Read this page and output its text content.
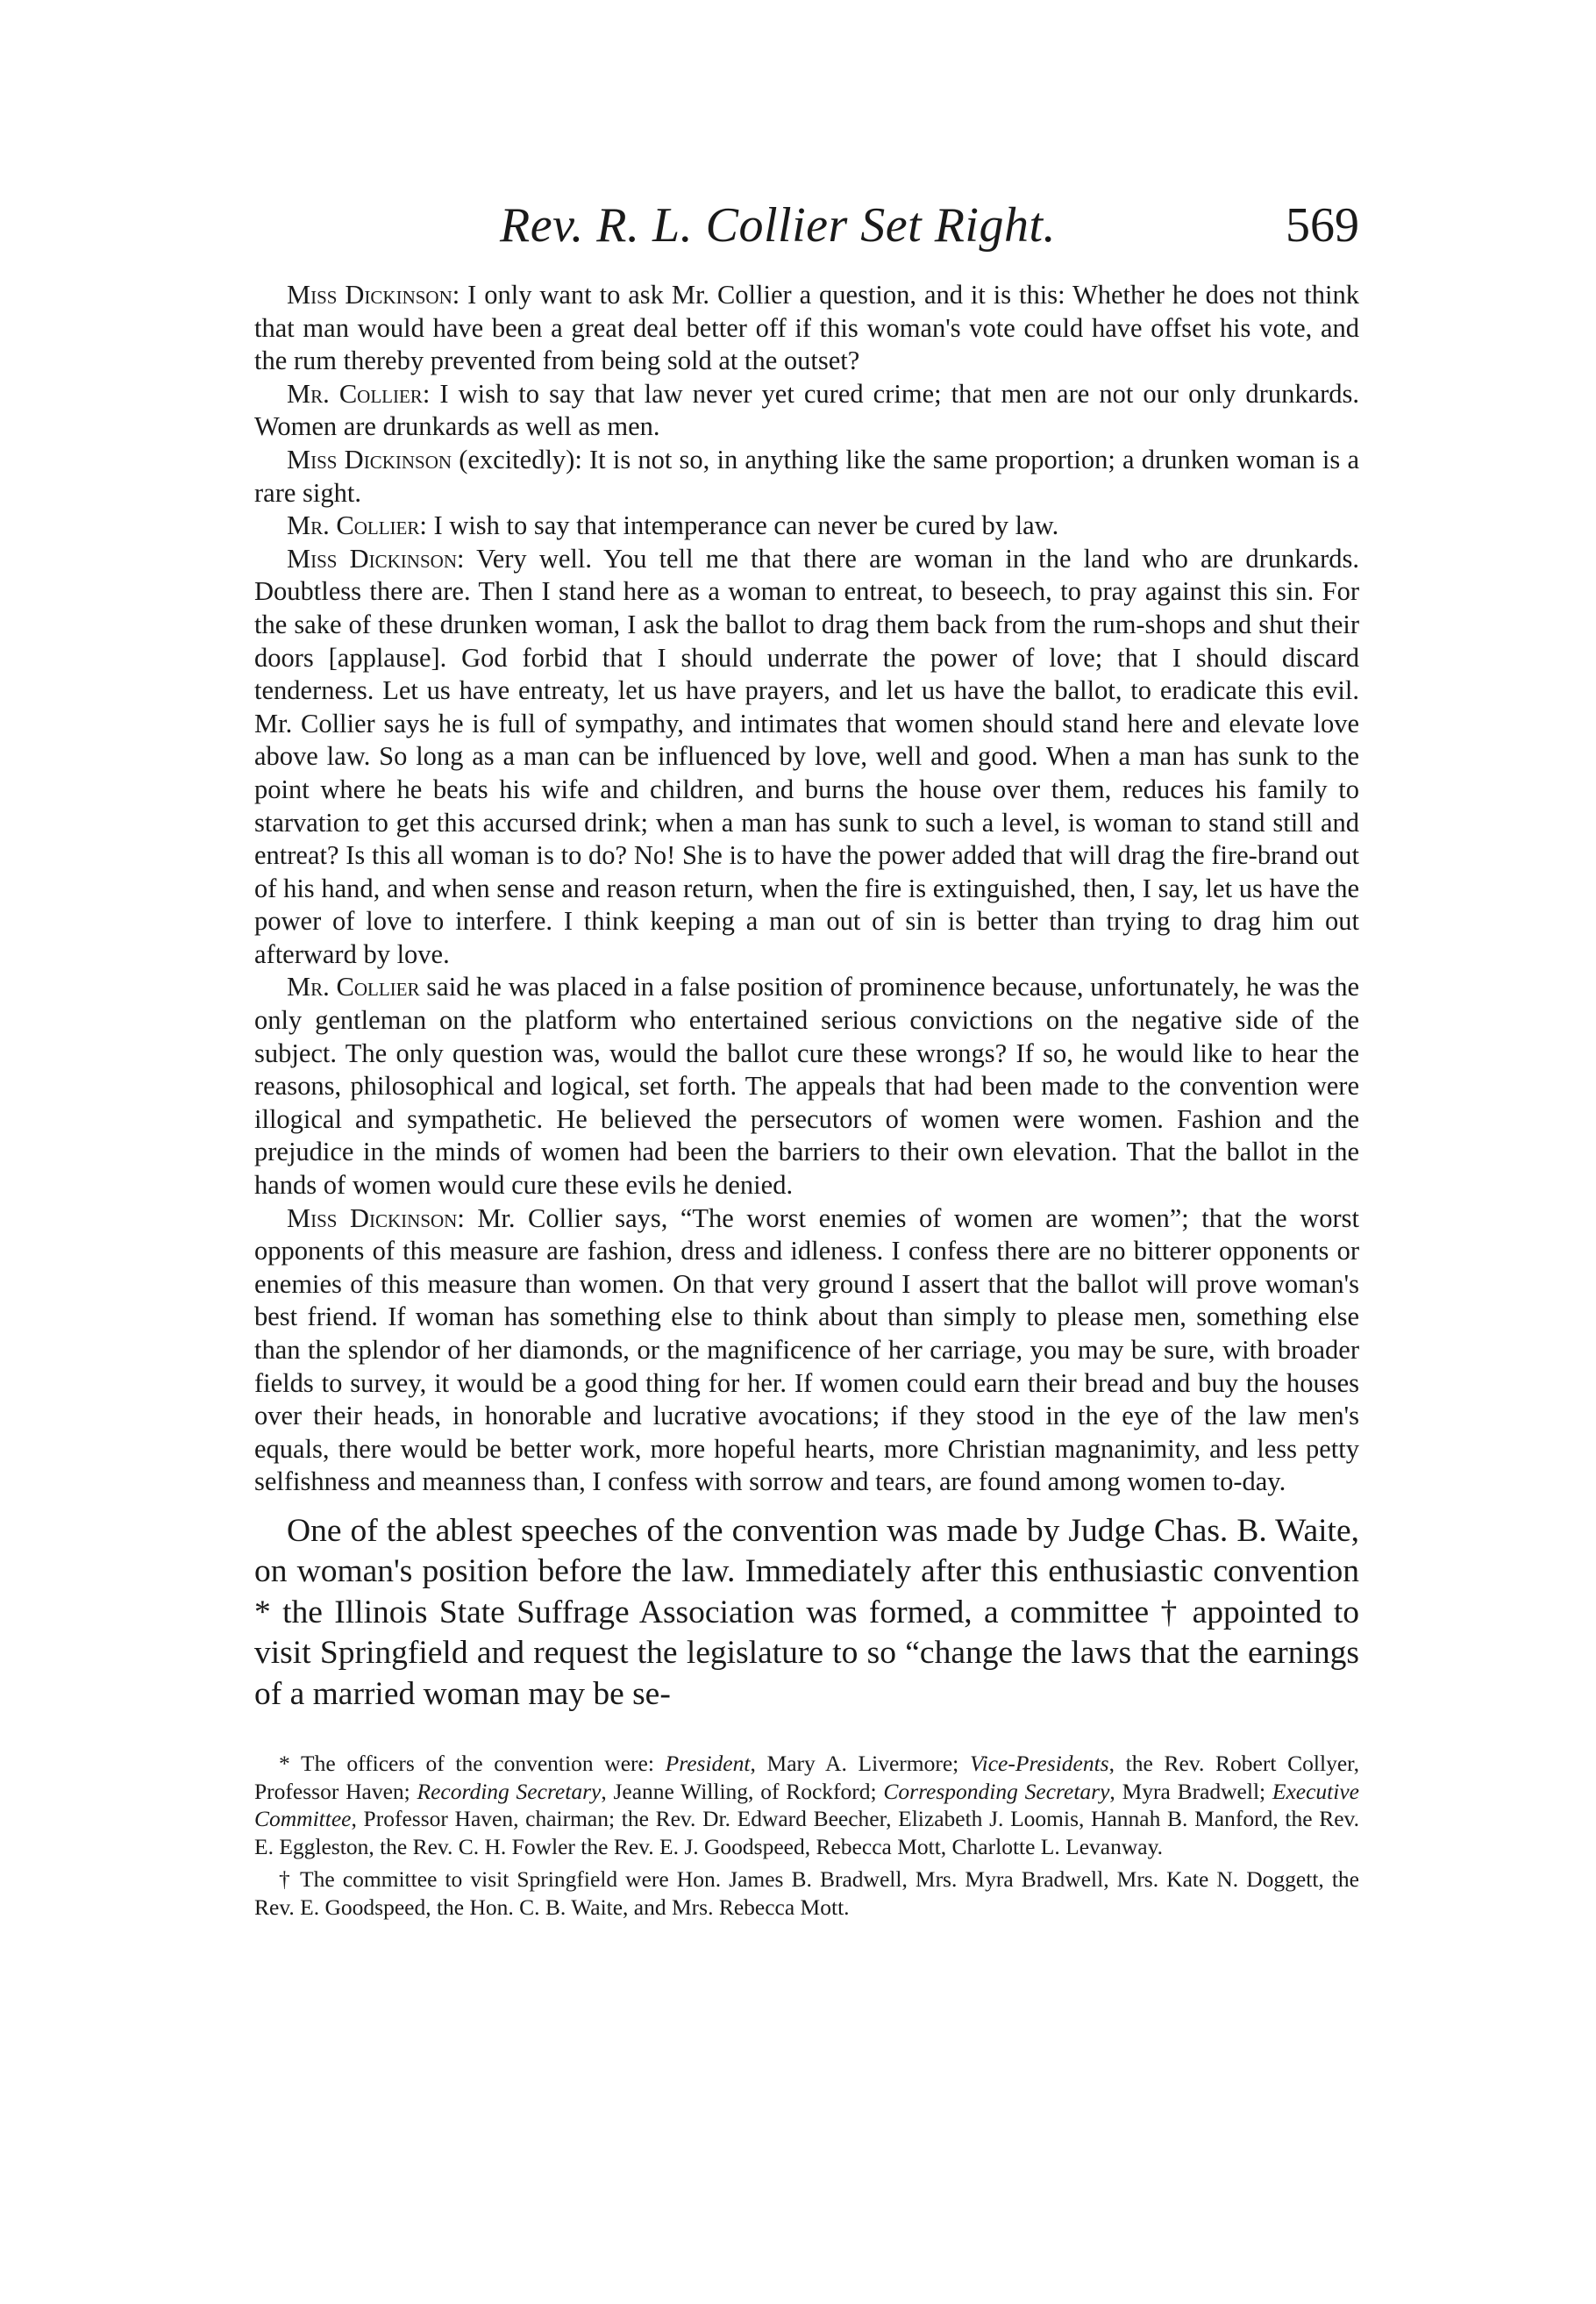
Rev. R. L. Collier Set Right.	569

Miss Dickinson: I only want to ask Mr. Collier a question, and it is this: Whether he does not think that man would have been a great deal better off if this woman's vote could have offset his vote, and the rum thereby prevented from being sold at the outset?

Mr. Collier: I wish to say that law never yet cured crime; that men are not our only drunkards. Women are drunkards as well as men.

Miss Dickinson (excitedly): It is not so, in anything like the same proportion; a drunken woman is a rare sight.

Mr. Collier: I wish to say that intemperance can never be cured by law.

Miss Dickinson: Very well. You tell me that there are woman in the land who are drunkards. Doubtless there are. Then I stand here as a woman to entreat, to beseech, to pray against this sin. For the sake of these drunken woman, I ask the ballot to drag them back from the rum-shops and shut their doors [applause]. God forbid that I should underrate the power of love; that I should discard tenderness. Let us have entreaty, let us have prayers, and let us have the ballot, to eradicate this evil. Mr. Collier says he is full of sympathy, and intimates that women should stand here and elevate love above law. So long as a man can be influenced by love, well and good. When a man has sunk to the point where he beats his wife and children, and burns the house over them, reduces his family to starvation to get this accursed drink; when a man has sunk to such a level, is woman to stand still and entreat? Is this all woman is to do? No! She is to have the power added that will drag the fire-brand out of his hand, and when sense and reason return, when the fire is extinguished, then, I say, let us have the power of love to interfere. I think keeping a man out of sin is better than trying to drag him out afterward by love.

Mr. Collier said he was placed in a false position of prominence because, unfortunately, he was the only gentleman on the platform who entertained serious convictions on the negative side of the subject. The only question was, would the ballot cure these wrongs? If so, he would like to hear the reasons, philosophical and logical, set forth. The appeals that had been made to the convention were illogical and sympathetic. He believed the persecutors of women were women. Fashion and the prejudice in the minds of women had been the barriers to their own elevation. That the ballot in the hands of women would cure these evils he denied.

Miss Dickinson: Mr. Collier says, “The worst enemies of women are women”; that the worst opponents of this measure are fashion, dress and idleness. I confess there are no bitterer opponents or enemies of this measure than women. On that very ground I assert that the ballot will prove woman's best friend. If woman has something else to think about than simply to please men, something else than the splendor of her diamonds, or the magnificence of her carriage, you may be sure, with broader fields to survey, it would be a good thing for her. If women could earn their bread and buy the houses over their heads, in honorable and lucrative avocations; if they stood in the eye of the law men's equals, there would be better work, more hopeful hearts, more Christian magnanimity, and less petty selfishness and meanness than, I confess with sorrow and tears, are found among women to-day.

One of the ablest speeches of the convention was made by Judge Chas. B. Waite, on woman's position before the law. Immediately after this enthusiastic convention * the Illinois State Suffrage Association was formed, a committee † appointed to visit Springfield and request the legislature to so “change the laws that the earnings of a married woman may be se-

* The officers of the convention were: President, Mary A. Livermore; Vice-Presidents, the Rev. Robert Collyer, Professor Haven; Recording Secretary, Jeanne Willing, of Rockford; Corresponding Secretary, Myra Bradwell; Executive Committee, Professor Haven, chairman; the Rev. Dr. Edward Beecher, Elizabeth J. Loomis, Hannah B. Manford, the Rev. E. Eggleston, the Rev. C. H. Fowler the Rev. E. J. Goodspeed, Rebecca Mott, Charlotte L. Levanway.

† The committee to visit Springfield were Hon. James B. Bradwell, Mrs. Myra Bradwell, Mrs. Kate N. Doggett, the Rev. E. Goodspeed, the Hon. C. B. Waite, and Mrs. Rebecca Mott.
